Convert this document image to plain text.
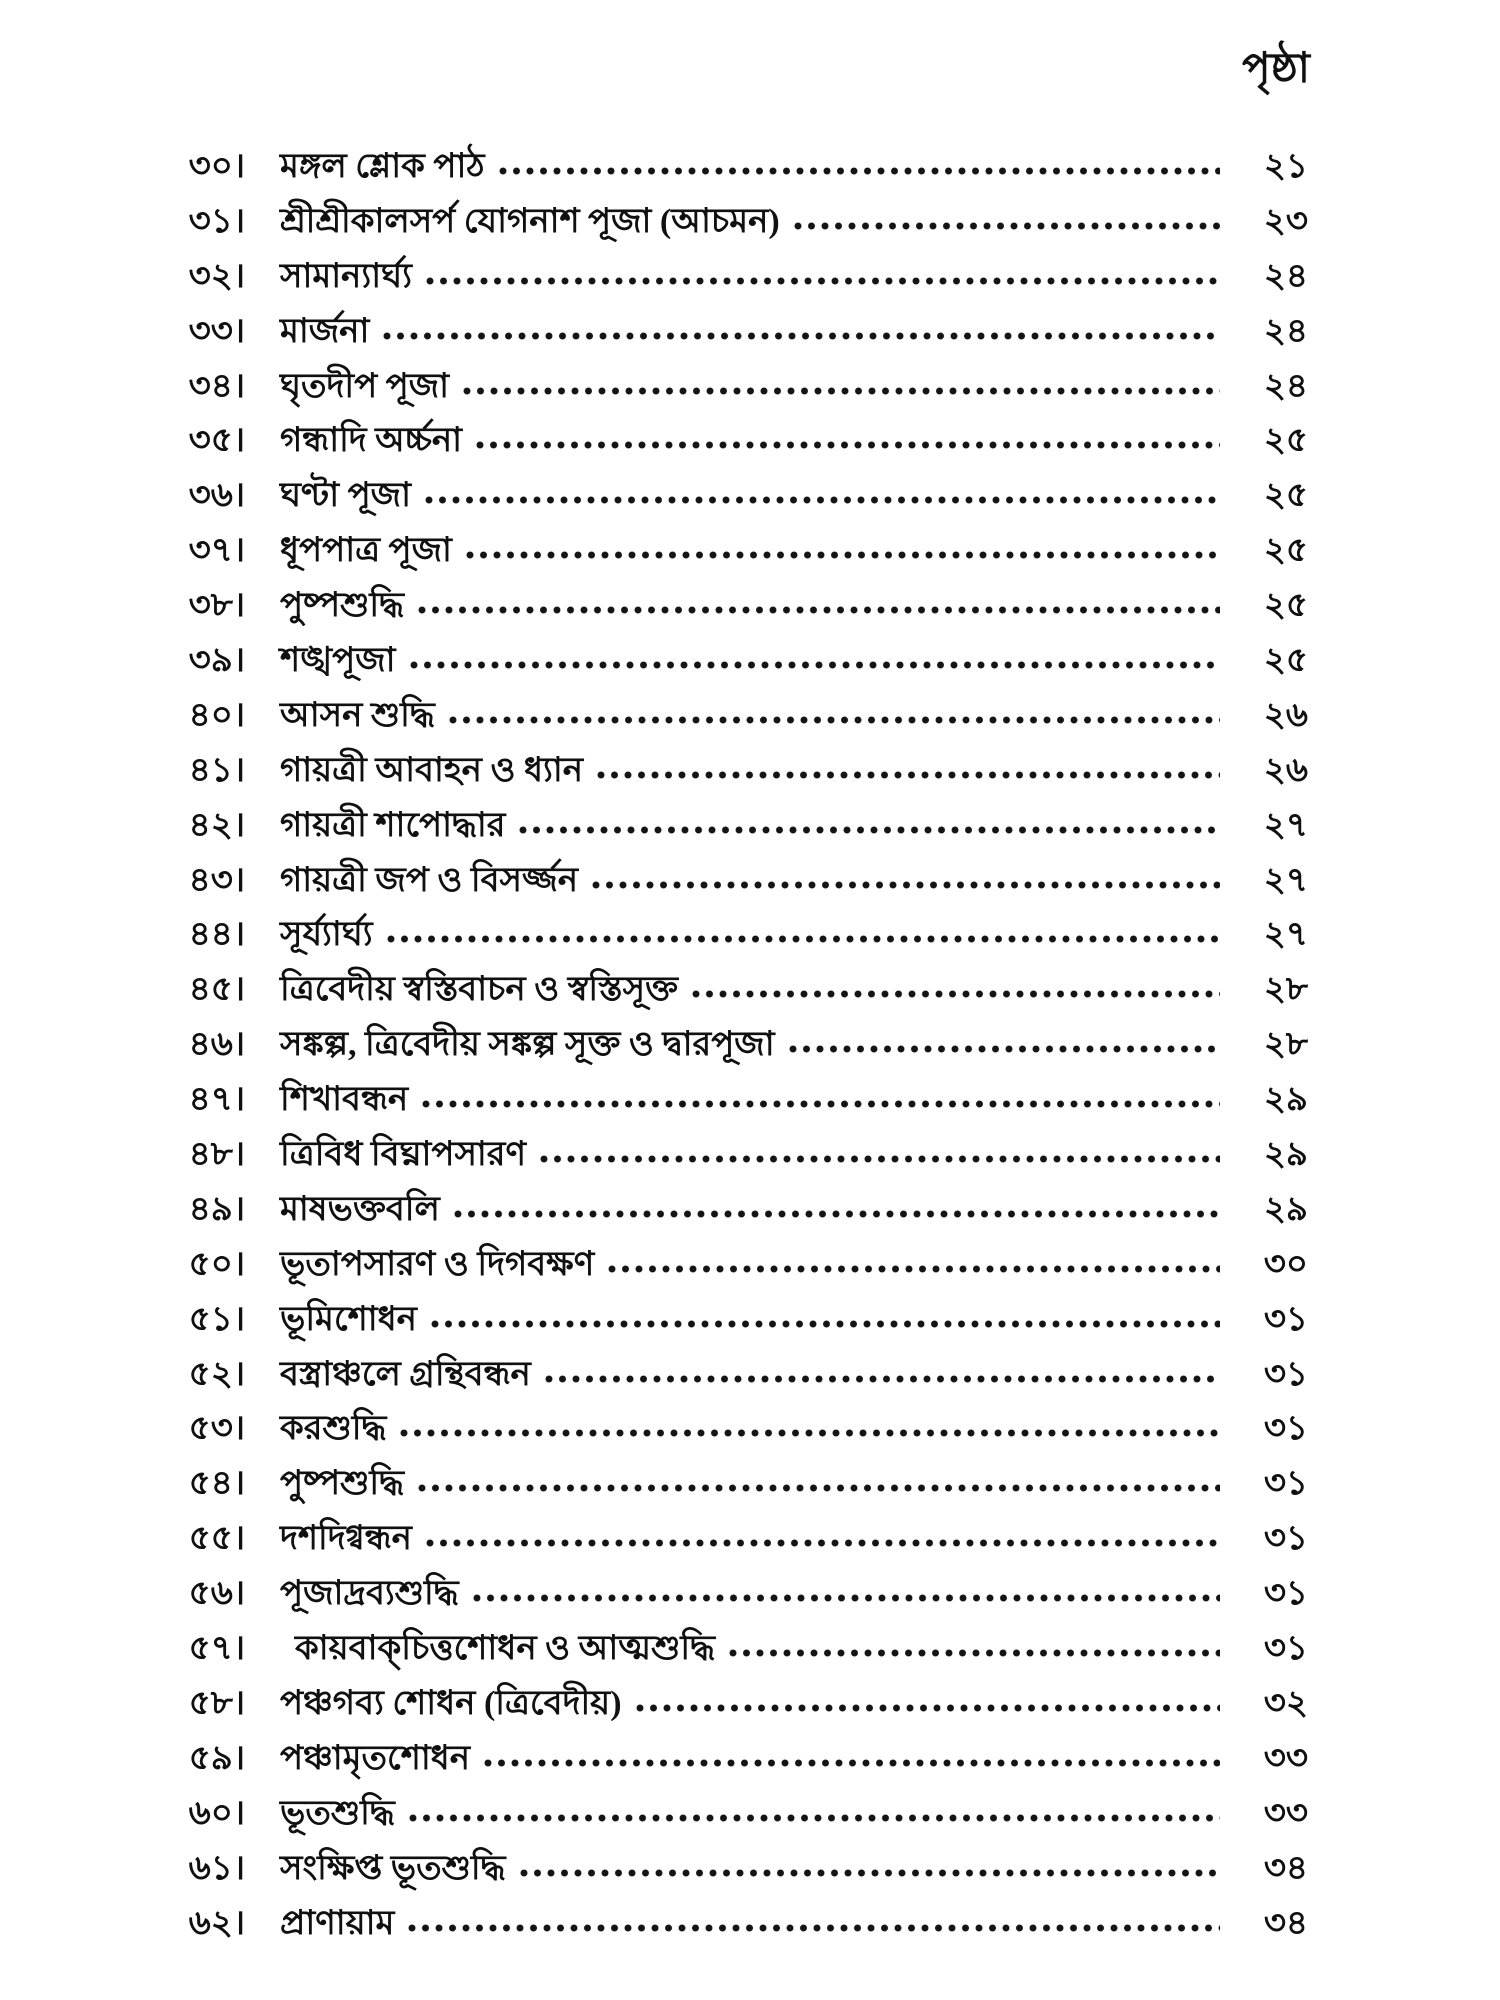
পৃষ্ঠা
৩০। মঙ্গল শ্লোক পাঠ	২১
৩১। শ্রীশ্রীকালসর্প যোগনাশ পূজা (আচমন)	২৩
৩২। সামান্যার্ঘ্য	২৪
৩৩। মার্জনা	২৪
৩৪। ঘৃতদীপ পূজা	২৪
৩৫। গন্ধাদি অর্চ্চনা	২৫
৩৬। ঘণ্টা পূজা	২৫
৩৭। ধূপপাত্র পূজা	২৫
৩৮। পুষ্পশুদ্ধি	২৫
৩৯। শঙ্খপূজা	২৫
৪০। আসন শুদ্ধি	২৬
৪১। গায়ত্রী আবাহন ও ধ্যান	২৬
৪২। গায়ত্রী শাপোদ্ধার	২৭
৪৩। গায়ত্রী জপ ও বিসর্জ্জন	২৭
৪৪। সূর্য্যার্ঘ্য	২৭
৪৫। ত্রিবেদীয় স্বস্তিবাচন ও স্বস্তিসূক্ত	২৮
৪৬। সঙ্কল্প, ত্রিবেদীয় সঙ্কল্প সূক্ত ও দ্বারপূজা	২৮
৪৭। শিখাবন্ধন	২৯
৪৮। ত্রিবিধ বিঘ্নাপসারণ	২৯
৪৯। মাষভক্তবলি	২৯
৫০। ভূতাপসারণ ও দিগবক্ষণ	৩০
৫১। ভূমিশোধন	৩১
৫২। বস্ত্রাঞ্চলে গ্রন্থিবন্ধন	৩১
৫৩। করশুদ্ধি	৩১
৫৪। পুষ্পশুদ্ধি	৩১
৫৫। দশদিগ্বন্ধন	৩১
৫৬। পূজাদ্রব্যশুদ্ধি	৩১
৫৭। কায়বাক্‌চিত্তশোধন ও আত্মশুদ্ধি	৩১
৫৮। পঞ্চগব্য শোধন (ত্রিবেদীয়)	৩২
৫৯। পঞ্চামৃতশোধন	৩৩
৬০। ভূতশুদ্ধি	৩৩
৬১। সংক্ষিপ্ত ভূতশুদ্ধি	৩৪
৬২। প্রাণায়াম	৩৪
